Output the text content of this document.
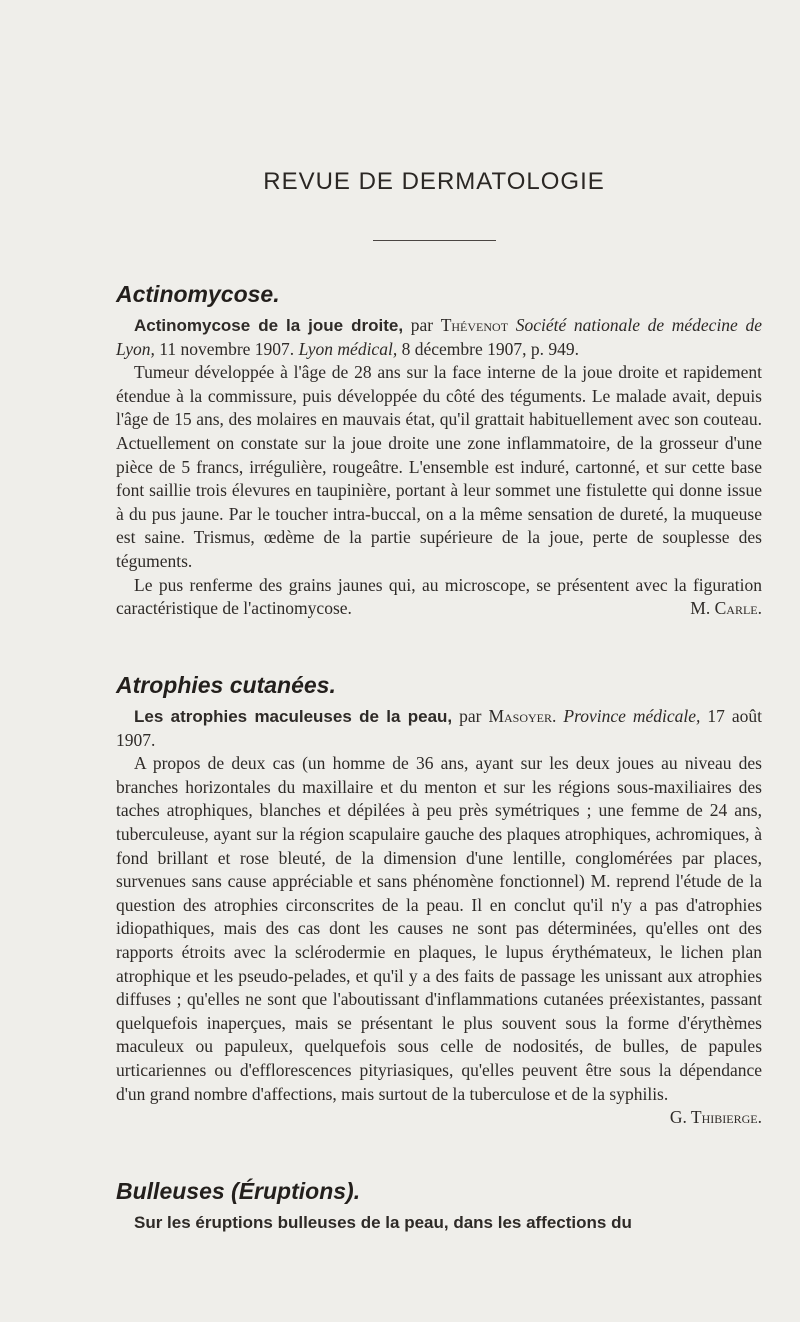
REVUE DE DERMATOLOGIE
Actinomycose.

Actinomycose de la joue droite, par Thévenot Société nationale de médecine de Lyon, 11 novembre 1907. Lyon médical, 8 décembre 1907, p. 949.

Tumeur développée à l'âge de 28 ans sur la face interne de la joue droite et rapidement étendue à la commissure, puis développée du côté des téguments. Le malade avait, depuis l'âge de 15 ans, des molaires en mauvais état, qu'il grattait habituellement avec son couteau. Actuellement on constate sur la joue droite une zone inflammatoire, de la grosseur d'une pièce de 5 francs, irrégulière, rougeâtre. L'ensemble est induré, cartonné, et sur cette base font saillie trois élevures en taupinière, portant à leur sommet une fistulette qui donne issue à du pus jaune. Par le toucher intra-buccal, on a la même sensation de dureté, la muqueuse est saine. Trismus, œdème de la partie supérieure de la joue, perte de souplesse des téguments.

Le pus renferme des grains jaunes qui, au microscope, se présentent avec la figuration caractéristique de l'actinomycose.	M. Carle.

Atrophies cutanées.

Les atrophies maculeuses de la peau, par Masoyer. Province médicale, 17 août 1907.

A propos de deux cas (un homme de 36 ans, ayant sur les deux joues au niveau des branches horizontales du maxillaire et du menton et sur les régions sous-maxiliaires des taches atrophiques, blanches et dépilées à peu près symétriques ; une femme de 24 ans, tuberculeuse, ayant sur la région scapulaire gauche des plaques atrophiques, achromiques, à fond brillant et rose bleuté, de la dimension d'une lentille, conglomérées par places, survenues sans cause appréciable et sans phénomène fonctionnel) M. reprend l'étude de la question des atrophies circonscrites de la peau. Il en conclut qu'il n'y a pas d'atrophies idiopathiques, mais des cas dont les causes ne sont pas déterminées, qu'elles ont des rapports étroits avec la sclérodermie en plaques, le lupus érythémateux, le lichen plan atrophique et les pseudo-pelades, et qu'il y a des faits de passage les unissant aux atrophies diffuses ; qu'elles ne sont que l'aboutissant d'inflammations cutanées préexistantes, passant quelquefois inaperçues, mais se présentant le plus souvent sous la forme d'érythèmes maculeux ou papuleux, quelquefois sous celle de nodosités, de bulles, de papules urticariennes ou d'efflorescences pityriasiques, qu'elles peuvent être sous la dépendance d'un grand nombre d'affections, mais surtout de la tuberculose et de la syphilis.
G. Thibierge.

Bulleuses (Éruptions).

Sur les éruptions bulleuses de la peau, dans les affections du
